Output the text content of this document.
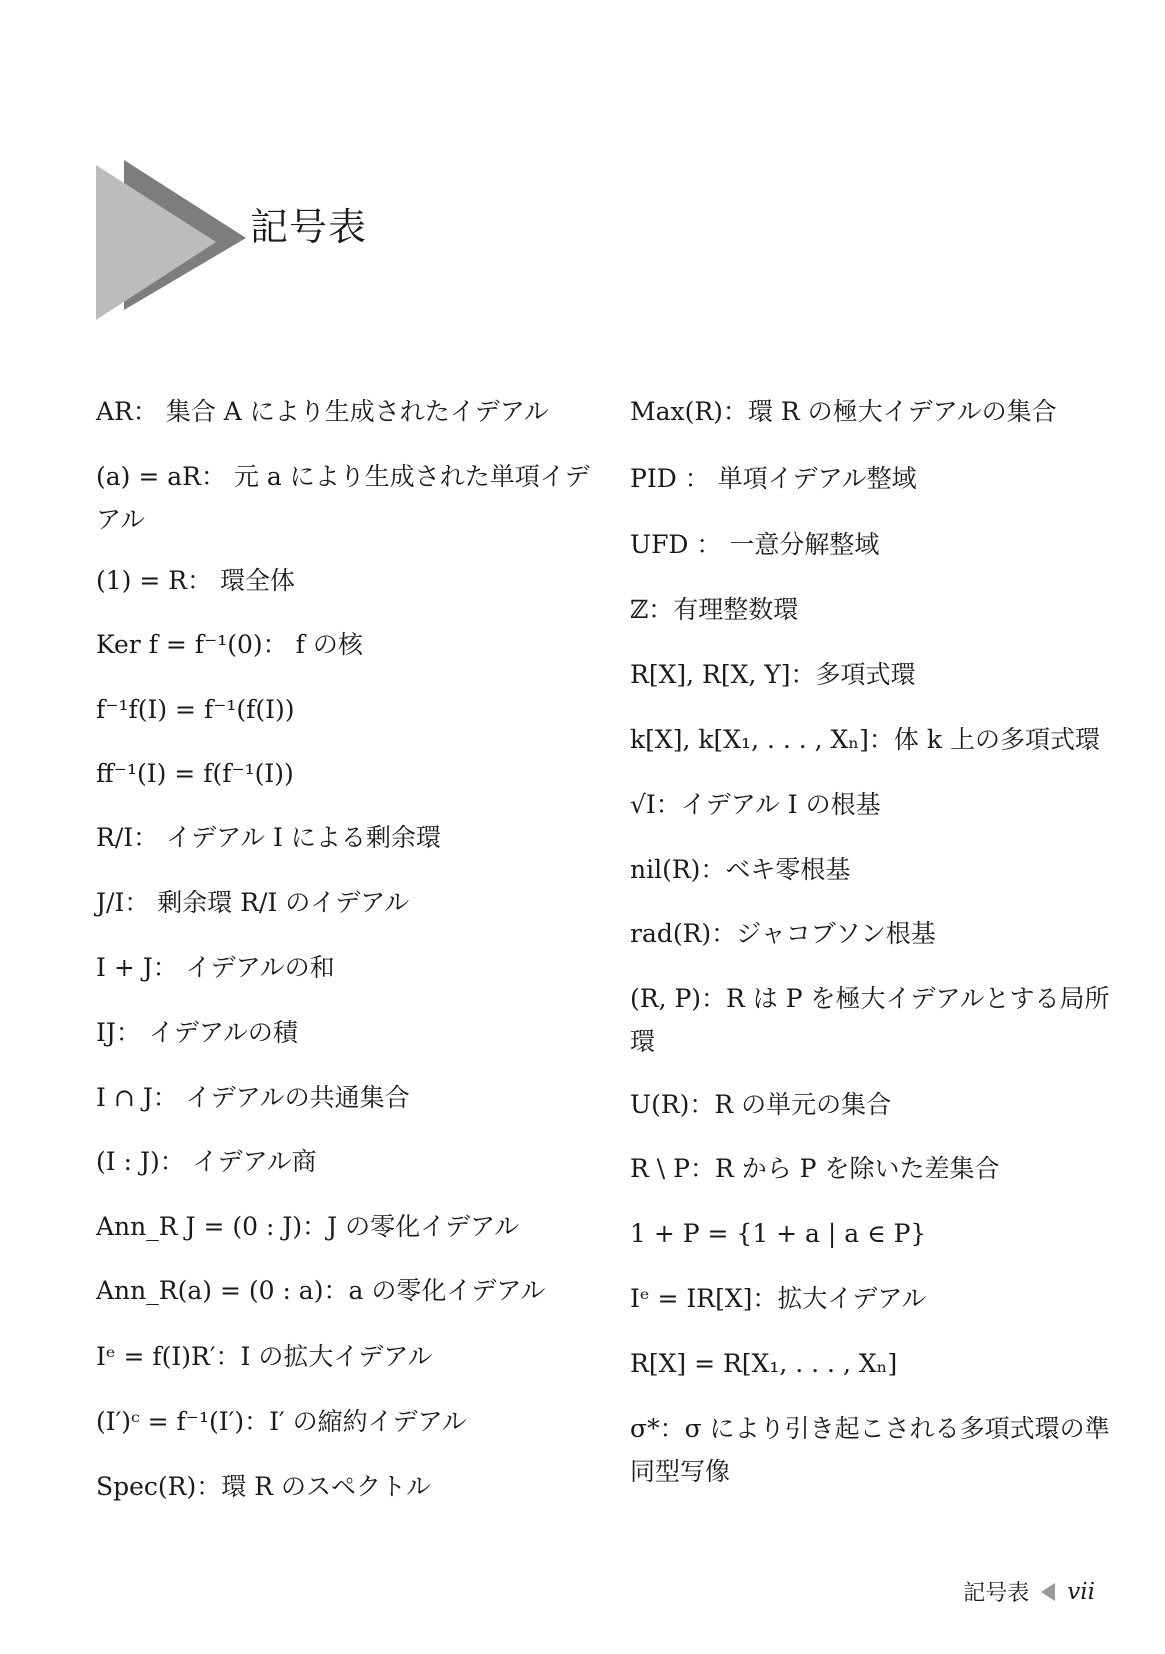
記号表

AR： 集合 A により生成されたイデアル

(a) = aR： 元 a により生成された単項イデアル

(1) = R： 環全体

Ker f = f⁻¹(0)： f の核

f⁻¹f(I) = f⁻¹(f(I))

ff⁻¹(I) = f(f⁻¹(I))

R/I： イデアル I による剰余環

J/I： 剰余環 R/I のイデアル

I + J： イデアルの和

IJ： イデアルの積

I ∩ J： イデアルの共通集合

(I : J)： イデアル商

Ann_R J = (0 : J)：J の零化イデアル

Ann_R(a) = (0 : a)：a の零化イデアル

Iᵉ = f(I)R′：I の拡大イデアル

(I′)ᶜ = f⁻¹(I′)：I′ の縮約イデアル

Spec(R)：環 R のスペクトル

Max(R)：環 R の極大イデアルの集合

PID ： 単項イデアル整域

UFD ： 一意分解整域

ℤ：有理整数環

R[X], R[X, Y]：多項式環

k[X], k[X₁, . . . , Xₙ]：体 k 上の多項式環

√I：イデアル I の根基

nil(R)：ベキ零根基

rad(R)：ジャコブソン根基

(R, P)：R は P を極大イデアルとする局所環

U(R)：R の単元の集合

R \ P：R から P を除いた差集合

1 + P = {1 + a | a ∈ P}

Iᵉ = IR[X]：拡大イデアル

R[X] = R[X₁, . . . , Xₙ]

σ*：σ により引き起こされる多項式環の準同型写像

記号表 vii
